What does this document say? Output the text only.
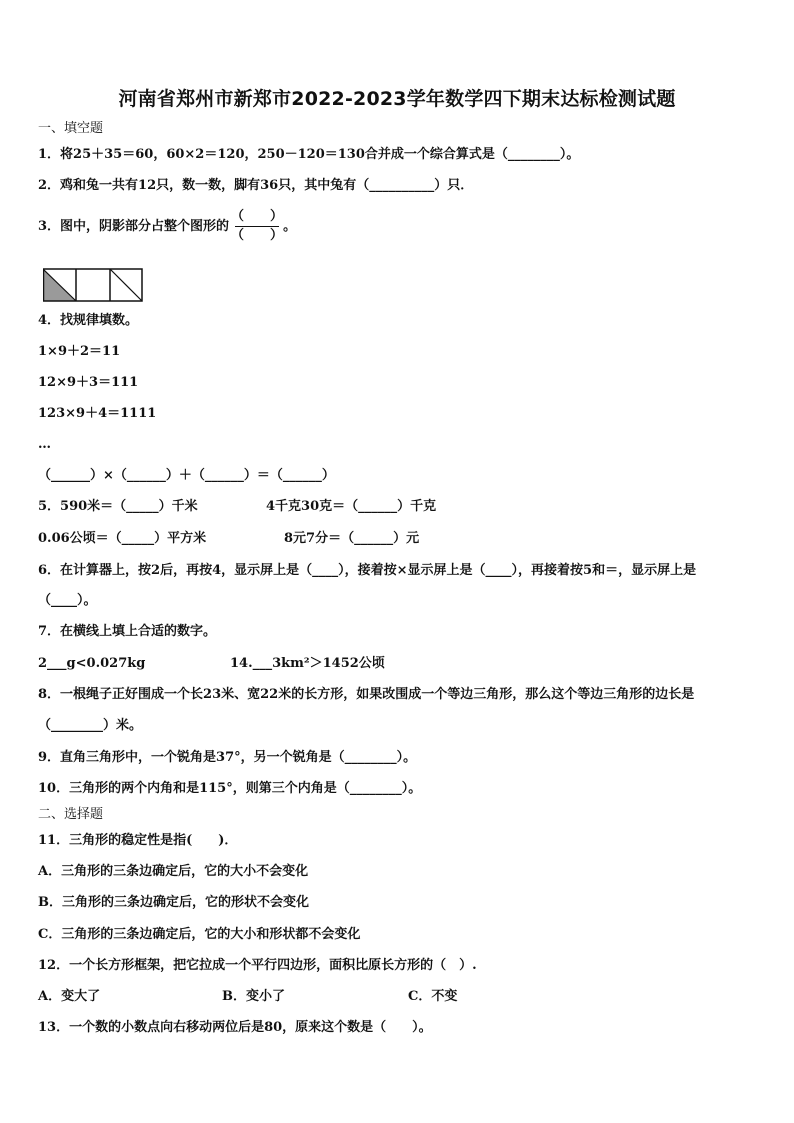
河南省郑州市新郑市2022-2023学年数学四下期末达标检测试题
一、填空题
1．将25＋35＝60，60×2＝120，250－120＝130合并成一个综合算式是（________）。
2．鸡和兔一共有12只，数一数，脚有36只，其中兔有（__________）只．
3．图中，阴影部分占整个图形的 $\frac{( )}{( )}$ 。
4．找规律填数。
1×9＋2＝11
12×9＋3＝111
123×9＋4＝1111
…
（______）×（______）＋（______）＝（______）
5．590米＝（_____）千米	4千克30克＝（______）千克
0.06公顷＝（_____）平方米	8元7分＝（______）元
6．在计算器上，按2后，再按4，显示屏上是（____），接着按×显示屏上是（____），再接着按5和＝，显示屏上是
（____）。
7．在横线上填上合适的数字。
2___g<0.027kg	14.___3km²＞1452公顷
8．一根绳子正好围成一个长23米、宽22米的长方形，如果改围成一个等边三角形，那么这个等边三角形的边长是
（________）米。
9．直角三角形中，一个锐角是37°，另一个锐角是（________）。
10．三角形的两个内角和是115°，则第三个内角是（________）。
二、选择题
11．三角形的稳定性是指(　　)．
A．三角形的三条边确定后，它的大小不会变化
B．三角形的三条边确定后，它的形状不会变化
C．三角形的三条边确定后，它的大小和形状都不会变化
12．一个长方形框架，把它拉成一个平行四边形，面积比原长方形的（　）.
A．变大了	B．变小了	C．不变
13．一个数的小数点向右移动两位后是80，原来这个数是（　　）。
